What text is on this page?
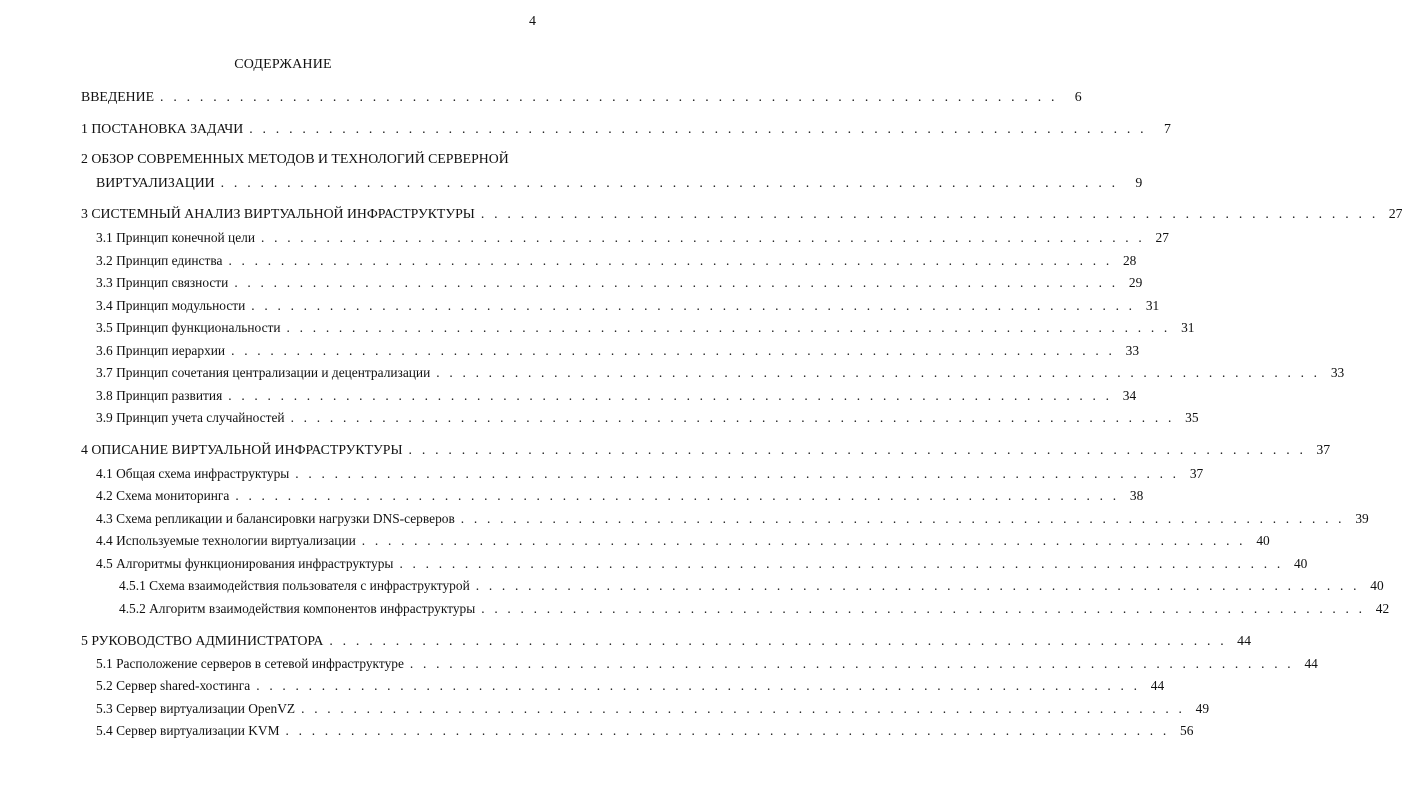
4
СОДЕРЖАНИЕ
ВВЕДЕНИЕ . . . . . . . . . . . . . . . . . . . . . . . . . . . . . . . . . . . . . . . . . . . . . . . . . . . . . . . . . . . . . . . . . . . .	6
1 ПОСТАНОВКА ЗАДАЧИ . . . . . . . . . . . . . . . . . . . . . . . . . . . . . . . . . . . . . . . . . . . . . . . . . . . . . . . . . . . . . . . . . . . .	7
2 ОБЗОР СОВРЕМЕННЫХ МЕТОДОВ И ТЕХНОЛОГИЙ СЕРВЕРНОЙ
ВИРТУАЛИЗАЦИИ . . . . . . . . . . . . . . . . . . . . . . . . . . . . . . . . . . . . . . . . . . . . . . . . . . . . . . . . . . . . . . . . . . . .	9
3 СИСТЕМНЫЙ АНАЛИЗ ВИРТУАЛЬНОЙ ИНФРАСТРУКТУРЫ . . . . . . . . . . . . . . . . . . . . . . . . . . . . . . . . . . . . . . . . . . . . . . . . . . . . . . . . . . . . . . . . . . . . 27
3.1 Принцип конечной цели . . . . . . . . . . . . . . . . . . . . . . . . . . . . . . . . . . . . . . . . . . . . . . . . . . . . . . . . . . . . . . . . . . . . 27
3.2 Принцип единства . . . . . . . . . . . . . . . . . . . . . . . . . . . . . . . . . . . . . . . . . . . . . . . . . . . . . . . . . . . . . . . . . . . . 28
3.3 Принцип связности . . . . . . . . . . . . . . . . . . . . . . . . . . . . . . . . . . . . . . . . . . . . . . . . . . . . . . . . . . . . . . . . . . . . 29
3.4 Принцип модульности . . . . . . . . . . . . . . . . . . . . . . . . . . . . . . . . . . . . . . . . . . . . . . . . . . . . . . . . . . . . . . . . . . . . 31
3.5 Принцип функциональности . . . . . . . . . . . . . . . . . . . . . . . . . . . . . . . . . . . . . . . . . . . . . . . . . . . . . . . . . . . . . . . . . . . . 31
3.6 Принцип иерархии . . . . . . . . . . . . . . . . . . . . . . . . . . . . . . . . . . . . . . . . . . . . . . . . . . . . . . . . . . . . . . . . . . . . 33
3.7 Принцип сочетания централизации и децентрализации . . . . . . . . . . . . . . . . . . . . . . . . . . . . . . . . . . . . . . . . . . . . . . . . . . . . . . . . . . . . . . . . . . . . 33
3.8 Принцип развития . . . . . . . . . . . . . . . . . . . . . . . . . . . . . . . . . . . . . . . . . . . . . . . . . . . . . . . . . . . . . . . . . . . . 34
3.9 Принцип учета случайностей . . . . . . . . . . . . . . . . . . . . . . . . . . . . . . . . . . . . . . . . . . . . . . . . . . . . . . . . . . . . . . . . . . . . 35
4 ОПИСАНИЕ ВИРТУАЛЬНОЙ ИНФРАСТРУКТУРЫ . . . . . . . . . . . . . . . . . . . . . . . . . . . . . . . . . . . . . . . . . . . . . . . . . . . . . . . . . . . . . . . . . . . . 37
4.1 Общая схема инфраструктуры . . . . . . . . . . . . . . . . . . . . . . . . . . . . . . . . . . . . . . . . . . . . . . . . . . . . . . . . . . . . . . . . . . . . 37
4.2 Схема мониторинга . . . . . . . . . . . . . . . . . . . . . . . . . . . . . . . . . . . . . . . . . . . . . . . . . . . . . . . . . . . . . . . . . . . . 38
4.3 Схема репликации и балансировки нагрузки DNS-серверов . . . . . . . . . . . . . . . . . . . . . . . . . . . . . . . . . . . . . . . . . . . . . . . . . . . . . . . . . . . . . . . . . . . . 39
4.4 Используемые технологии виртуализации . . . . . . . . . . . . . . . . . . . . . . . . . . . . . . . . . . . . . . . . . . . . . . . . . . . . . . . . . . . . . . . . . . . . 40
4.5 Алгоритмы функционирования инфраструктуры . . . . . . . . . . . . . . . . . . . . . . . . . . . . . . . . . . . . . . . . . . . . . . . . . . . . . . . . . . . . . . . . . . . . 40
4.5.1 Схема взаимодействия пользователя с инфраструктурой . . . . . . . . . . . . . . . . . . . . . . . . . . . . . . . . . . . . . . . . . . . . . . . . . . . . . . . . . . . . . . . . . . . . 40
4.5.2 Алгоритм взаимодействия компонентов инфраструктуры . . . . . . . . . . . . . . . . . . . . . . . . . . . . . . . . . . . . . . . . . . . . . . . . . . . . . . . . . . . . . . . . . . . . 42
5 РУКОВОДСТВО АДМИНИСТРАТОРА . . . . . . . . . . . . . . . . . . . . . . . . . . . . . . . . . . . . . . . . . . . . . . . . . . . . . . . . . . . . . . . . . . . . 44
5.1 Расположение серверов в сетевой инфраструктуре . . . . . . . . . . . . . . . . . . . . . . . . . . . . . . . . . . . . . . . . . . . . . . . . . . . . . . . . . . . . . . . . . . . . 44
5.2 Сервер shared-хостинга . . . . . . . . . . . . . . . . . . . . . . . . . . . . . . . . . . . . . . . . . . . . . . . . . . . . . . . . . . . . . . . . . . . . 44
5.3 Сервер виртуализации OpenVZ . . . . . . . . . . . . . . . . . . . . . . . . . . . . . . . . . . . . . . . . . . . . . . . . . . . . . . . . . . . . . . . . . . . . 49
5.4 Сервер виртуализации KVM . . . . . . . . . . . . . . . . . . . . . . . . . . . . . . . . . . . . . . . . . . . . . . . . . . . . . . . . . . . . . . . . . . . . 56
